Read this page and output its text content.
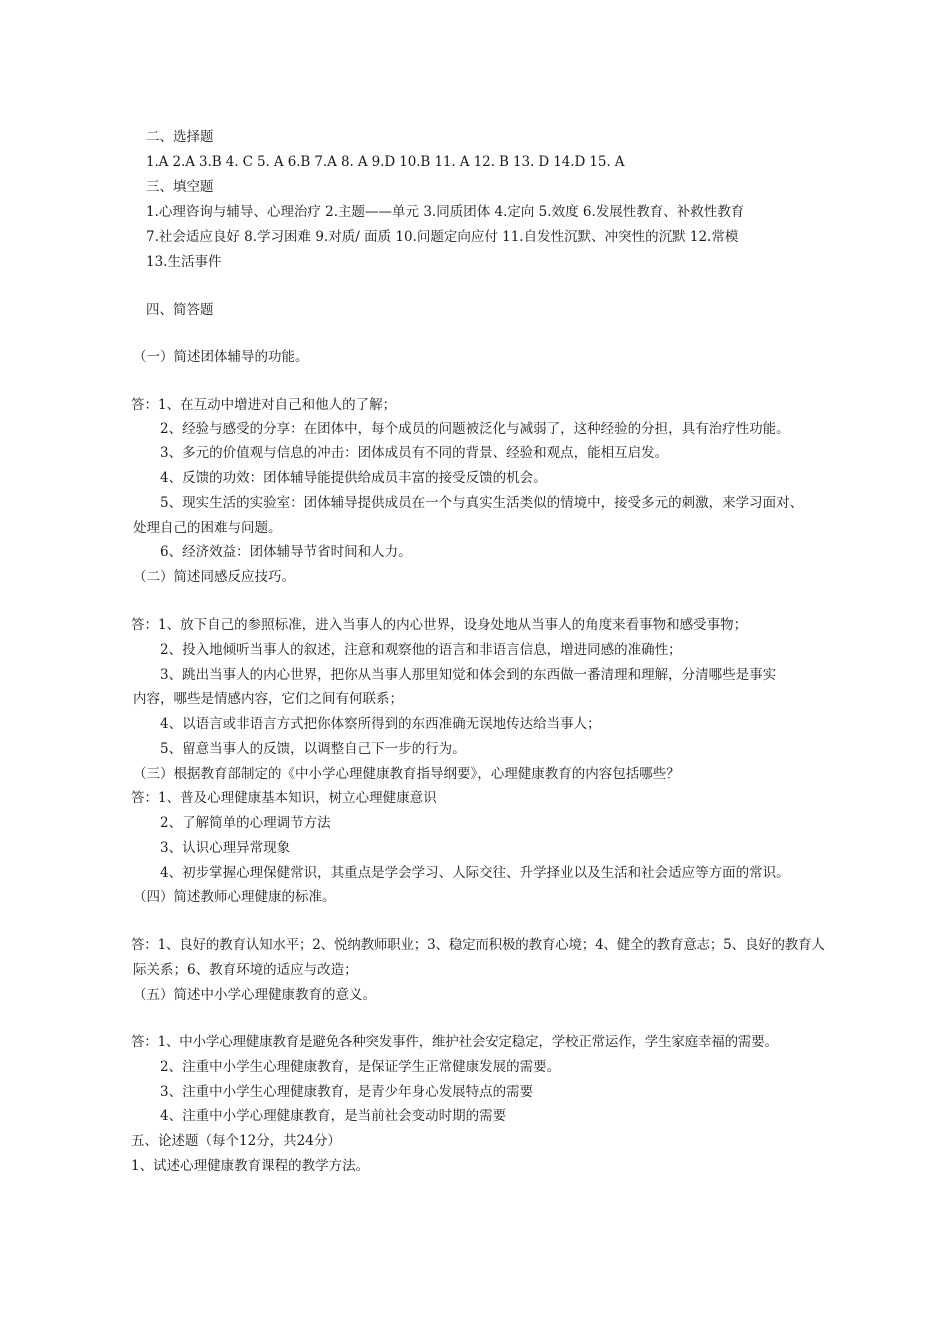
二、选择题
1.A 2.A 3.B 4. C 5. A 6.B 7.A 8. A 9.D 10.B 11. A 12. B 13. D 14.D 15. A
三、填空题
1.心理咨询与辅导、心理治疗 2.主题——单元 3.同质团体 4.定向 5.效度 6.发展性教育、补救性教育
7.社会适应良好 8.学习困难 9.对质/ 面质 10.问题定向应付 11.自发性沉默、冲突性的沉默 12.常模
13.生活事件
四、简答题
（一）简述团体辅导的功能。
答：1、在互动中增进对自己和他人的了解；
2、经验与感受的分享：在团体中，每个成员的问题被泛化与减弱了，这种经验的分担，具有治疗性功能。
3、多元的价值观与信息的冲击：团体成员有不同的背景、经验和观点，能相互启发。
4、反馈的功效：团体辅导能提供给成员丰富的接受反馈的机会。
5、现实生活的实验室：团体辅导提供成员在一个与真实生活类似的情境中，接受多元的刺激，来学习面对、
处理自己的困难与问题。
6、经济效益：团体辅导节省时间和人力。
（二）简述同感反应技巧。
答：1、放下自己的参照标准，进入当事人的内心世界，设身处地从当事人的角度来看事物和感受事物；
2、投入地倾听当事人的叙述，注意和观察他的语言和非语言信息，增进同感的准确性；
3、跳出当事人的内心世界，把你从当事人那里知觉和体会到的东西做一番清理和理解，分清哪些是事实
内容，哪些是情感内容，它们之间有何联系；
4、以语言或非语言方式把你体察所得到的东西准确无误地传达给当事人；
5、留意当事人的反馈，以调整自己下一步的行为。
（三）根据教育部制定的《中小学心理健康教育指导纲要》，心理健康教育的内容包括哪些？
答：1、普及心理健康基本知识，树立心理健康意识
2、了解简单的心理调节方法
3、认识心理异常现象
4、初步掌握心理保健常识，其重点是学会学习、人际交往、升学择业以及生活和社会适应等方面的常识。
（四）简述教师心理健康的标准。
答：1、良好的教育认知水平；2、悦纳教师职业；3、稳定而积极的教育心境；4、健全的教育意志；5、良好的教育人
际关系；6、教育环境的适应与改造；
（五）简述中小学心理健康教育的意义。
答：1、中小学心理健康教育是避免各种突发事件，维护社会安定稳定，学校正常运作，学生家庭幸福的需要。
2、注重中小学生心理健康教育，是保证学生正常健康发展的需要。
3、注重中小学生心理健康教育，是青少年身心发展特点的需要
4、注重中小学心理健康教育，是当前社会变动时期的需要
五、论述题（每个12分，共24分）
1、试述心理健康教育课程的教学方法。
